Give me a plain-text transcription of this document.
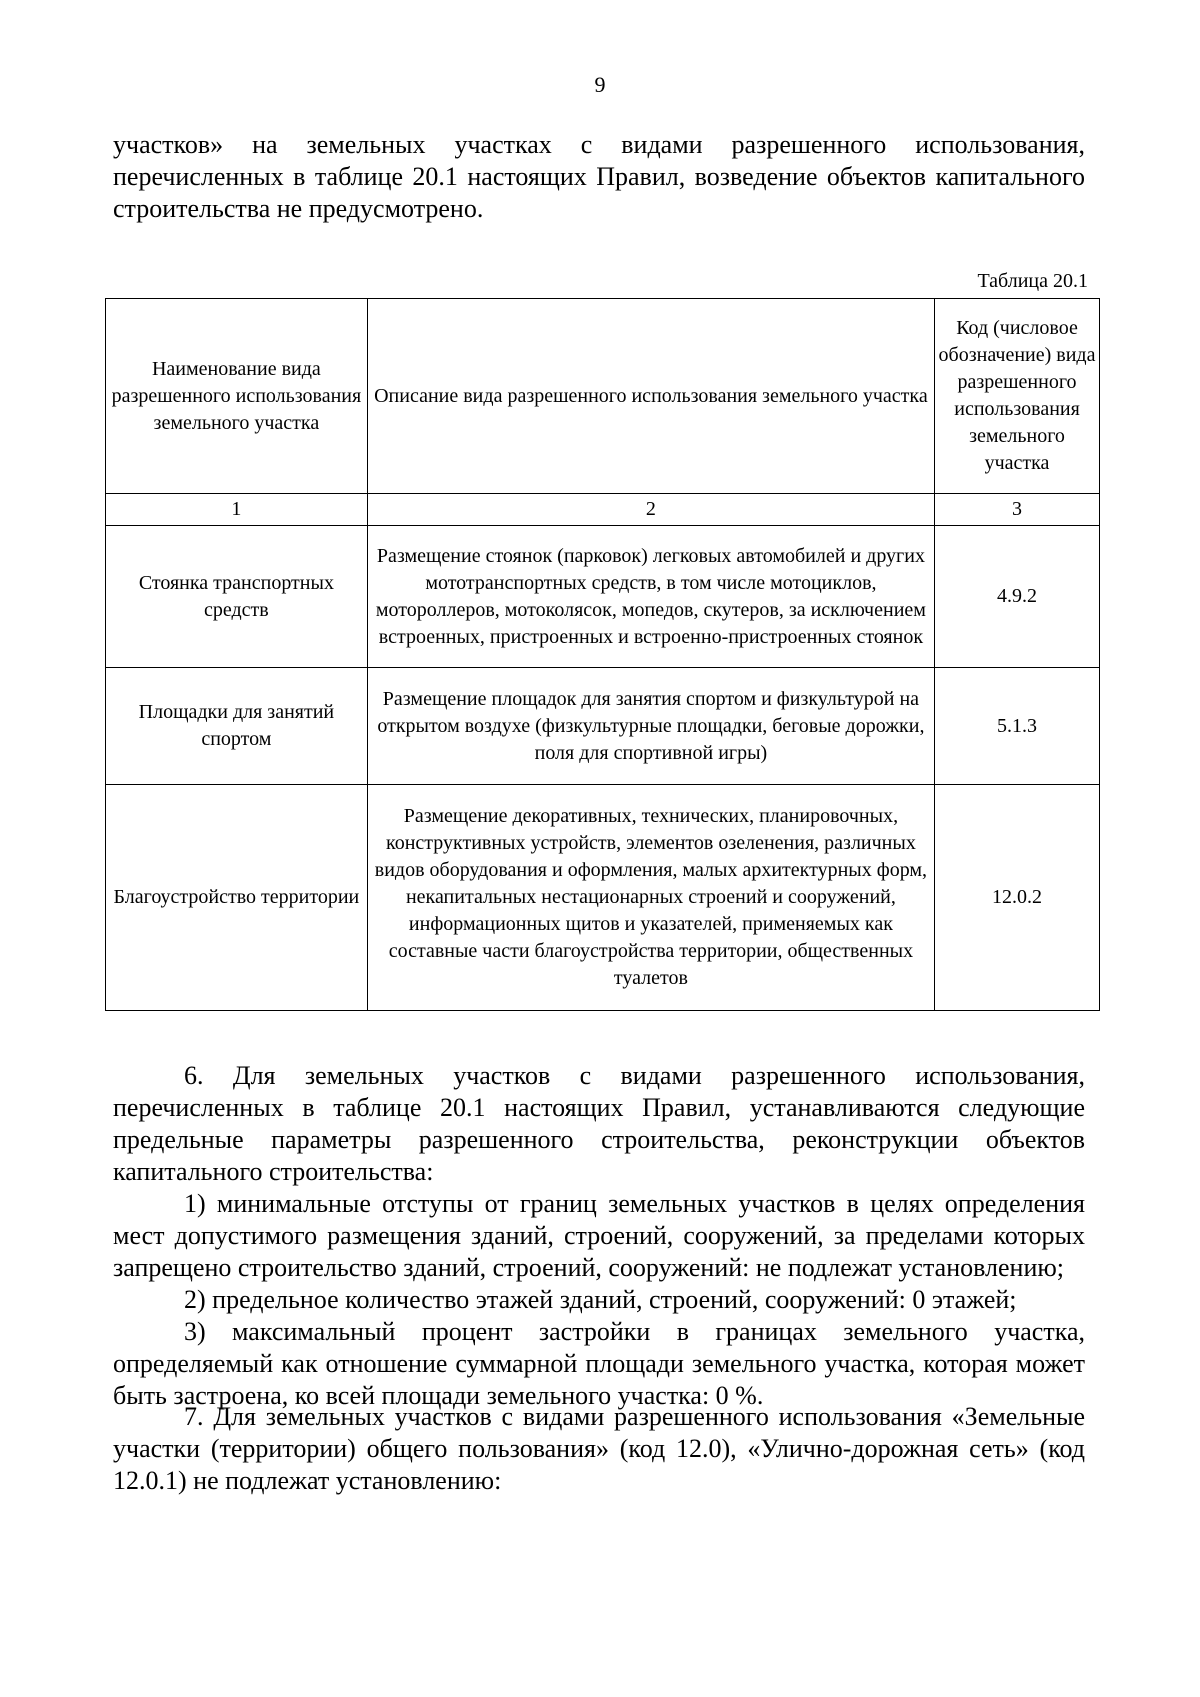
9

участков» на земельных участках с видами разрешенного использования, перечисленных в таблице 20.1 настоящих Правил, возведение объектов капитального строительства не предусмотрено.

Таблица 20.1
Наименование вида разрешенного использования земельного участка	Описание вида разрешенного использования земельного участка	Код (числовое обозначение) вида разрешенного использования земельного участка
1	2	3
Стоянка транспортных средств	Размещение стоянок (парковок) легковых автомобилей и других мототранспортных средств, в том числе мотоциклов, мотороллеров, мотоколясок, мопедов, скутеров, за исключением встроенных, пристроенных и встроенно-пристроенных стоянок	4.9.2
Площадки для занятий спортом	Размещение площадок для занятия спортом и физкультурой на открытом воздухе (физкультурные площадки, беговые дорожки, поля для спортивной игры)	5.1.3
Благоустройство территории	Размещение декоративных, технических, планировочных, конструктивных устройств, элементов озеленения, различных видов оборудования и оформления, малых архитектурных форм, некапитальных нестационарных строений и сооружений, информационных щитов и указателей, применяемых как составные части благоустройства территории, общественных туалетов	12.0.2

6. Для земельных участков с видами разрешенного использования, перечисленных в таблице 20.1 настоящих Правил, устанавливаются следующие предельные параметры разрешенного строительства, реконструкции объектов капитального строительства:

1) минимальные отступы от границ земельных участков в целях определения мест допустимого размещения зданий, строений, сооружений, за пределами которых запрещено строительство зданий, строений, сооружений: не подлежат установлению;

2) предельное количество этажей зданий, строений, сооружений: 0 этажей;

3) максимальный процент застройки в границах земельного участка, определяемый как отношение суммарной площади земельного участка, которая может быть застроена, ко всей площади земельного участка: 0 %.

7. Для земельных участков с видами разрешенного использования «Земельные участки (территории) общего пользования» (код 12.0), «Улично-дорожная сеть» (код 12.0.1) не подлежат установлению:
